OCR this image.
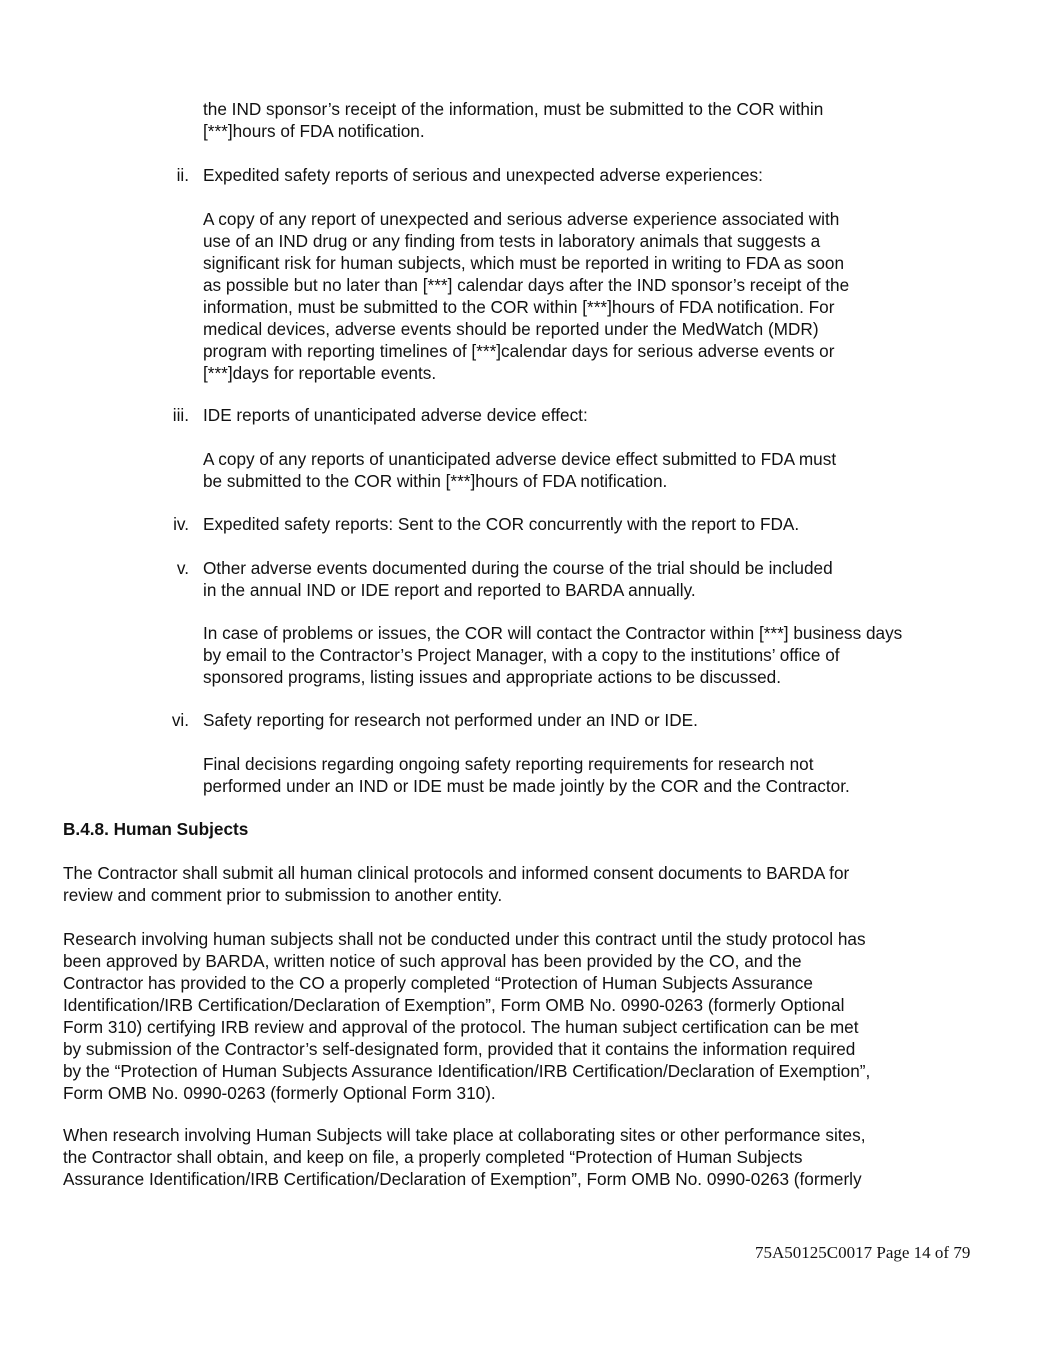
the IND sponsor’s receipt of the information, must be submitted to the COR within
[***]hours of FDA notification.
ii. Expedited safety reports of serious and unexpected adverse experiences:
A copy of any report of unexpected and serious adverse experience associated with
use of an IND drug or any finding from tests in laboratory animals that suggests a
significant risk for human subjects, which must be reported in writing to FDA as soon
as possible but no later than [***] calendar days after the IND sponsor’s receipt of the
information, must be submitted to the COR within [***]hours of FDA notification. For
medical devices, adverse events should be reported under the MedWatch (MDR)
program with reporting timelines of [***]calendar days for serious adverse events or
[***]days for reportable events.
iii. IDE reports of unanticipated adverse device effect:
A copy of any reports of unanticipated adverse device effect submitted to FDA must
be submitted to the COR within [***]hours of FDA notification.
iv. Expedited safety reports: Sent to the COR concurrently with the report to FDA.
v. Other adverse events documented during the course of the trial should be included
in the annual IND or IDE report and reported to BARDA annually.
In case of problems or issues, the COR will contact the Contractor within [***] business days
by email to the Contractor’s Project Manager, with a copy to the institutions’ office of
sponsored programs, listing issues and appropriate actions to be discussed.
vi. Safety reporting for research not performed under an IND or IDE.
Final decisions regarding ongoing safety reporting requirements for research not
performed under an IND or IDE must be made jointly by the COR and the Contractor.
B.4.8. Human Subjects
The Contractor shall submit all human clinical protocols and informed consent documents to BARDA for
review and comment prior to submission to another entity.
Research involving human subjects shall not be conducted under this contract until the study protocol has
been approved by BARDA, written notice of such approval has been provided by the CO, and the
Contractor has provided to the CO a properly completed “Protection of Human Subjects Assurance
Identification/IRB Certification/Declaration of Exemption”, Form OMB No. 0990-0263 (formerly Optional
Form 310) certifying IRB review and approval of the protocol. The human subject certification can be met
by submission of the Contractor’s self-designated form, provided that it contains the information required
by the “Protection of Human Subjects Assurance Identification/IRB Certification/Declaration of Exemption”,
Form OMB No. 0990-0263 (formerly Optional Form 310).
When research involving Human Subjects will take place at collaborating sites or other performance sites,
the Contractor shall obtain, and keep on file, a properly completed “Protection of Human Subjects
Assurance Identification/IRB Certification/Declaration of Exemption”, Form OMB No. 0990-0263 (formerly
75A50125C0017 Page 14 of 79
